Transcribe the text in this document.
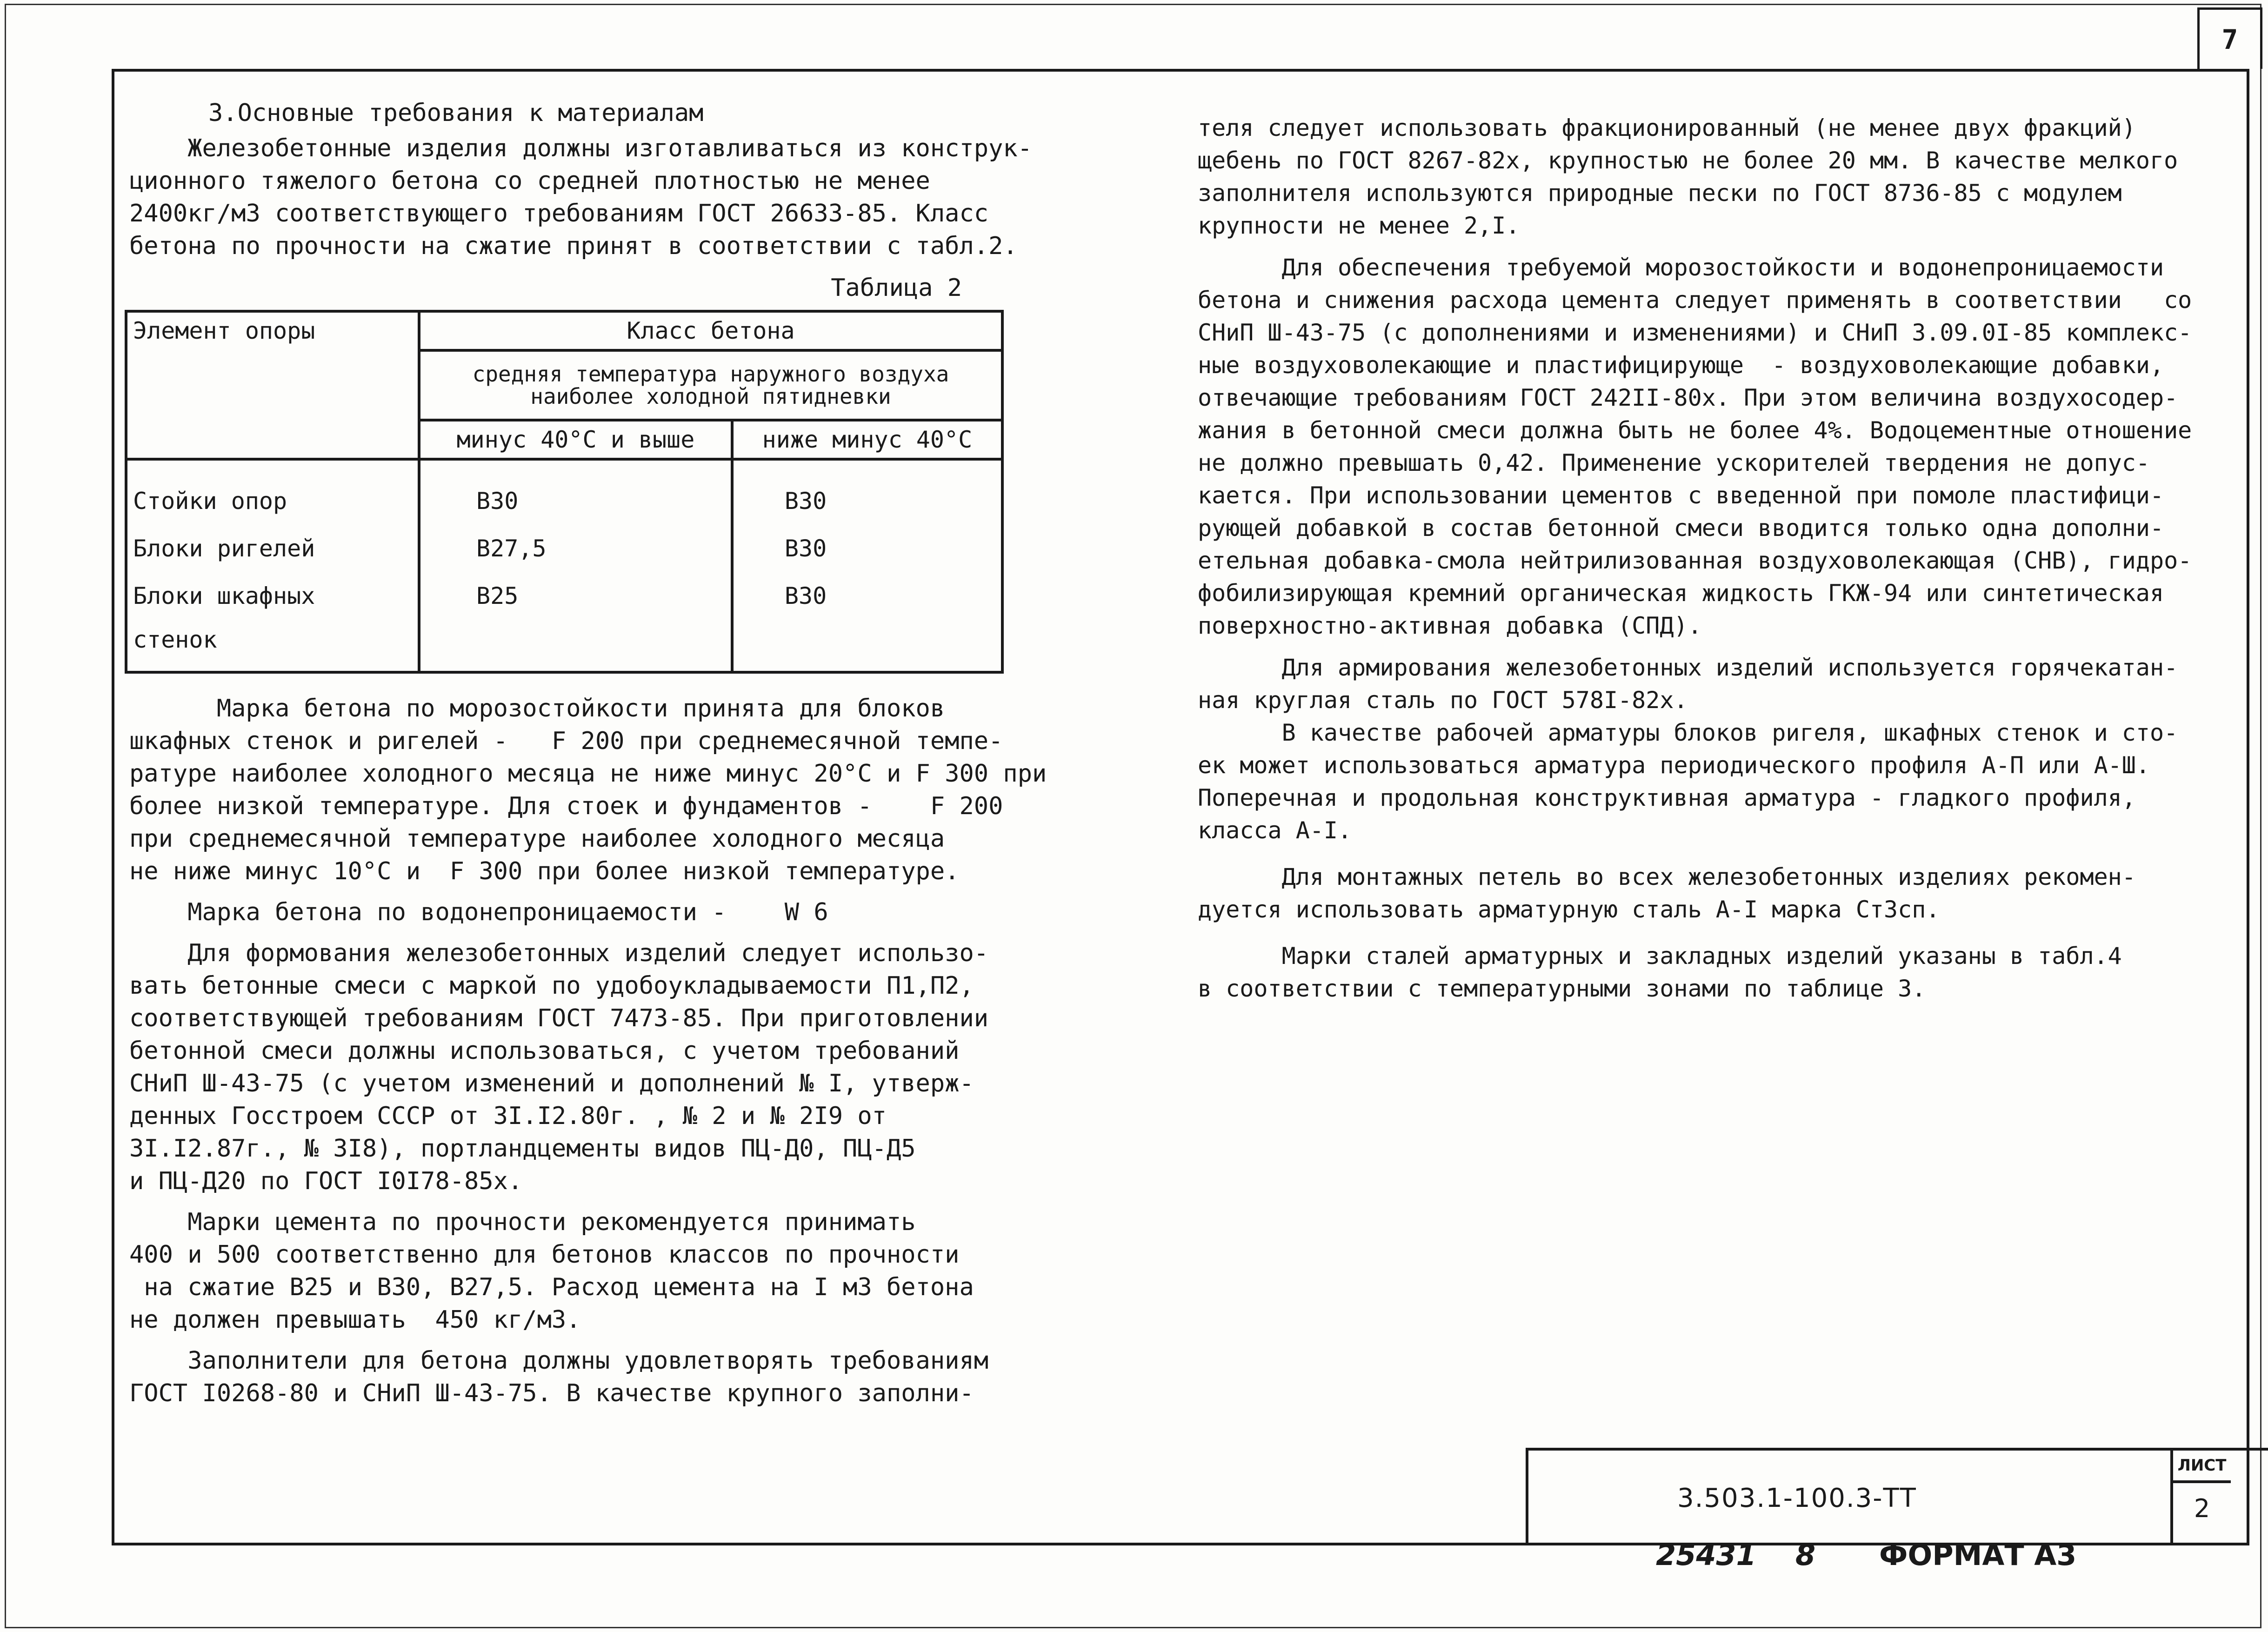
7

3.Основные требования к материалам

Железобетонные изделия должны изготавливаться из конструк-

ционного тяжелого бетона со средней плотностью не менее

2400кг/м3 соответствующего требованиям ГОСТ 26633-85. Класс

бетона по прочности на сжатие принят в соответствии с табл.2.

Таблица 2

Элемент опоры	Класс бетона	
	средняя температура наружного воздуха наиболее холодной пятидневки	
	минус 40°С и выше	ниже минус 40°С
Стойки опор	В30	В30
Блоки ригелей	В27,5	В30
Блоки шкафных стенок	В25	В30

Марка бетона по морозостойкости принята для блоков

шкафных стенок и ригелей -   F 200 при среднемесячной темпе-

ратуре наиболее холодного месяца не ниже минус 20°С и F 300 при

более низкой температуре. Для стоек и фундаментов -    F 200

при среднемесячной температуре наиболее холодного месяца

не ниже минус 10°С и  F 300 при более низкой температуре.

Марка бетона по водонепроницаемости -    W 6

Для формования железобетонных изделий следует использо-

вать бетонные смеси с маркой по удобоукладываемости П1,П2,

соответствующей требованиям ГОСТ 7473-85. При приготовлении

бетонной смеси должны использоваться, с учетом требований

СНиП Ш-43-75 (с учетом изменений и дополнений № I, утверж-

денных Госстроем СССР от 3I.I2.80г. , № 2 и № 2I9 от

3I.I2.87г., № 3I8), портландцементы видов ПЦ-Д0, ПЦ-Д5

и ПЦ-Д20 по ГОСТ I0I78-85х.

Марки цемента по прочности рекомендуется принимать

400 и 500 соответственно для бетонов классов по прочности

на сжатие В25 и В30, В27,5. Расход цемента на I м3 бетона

не должен превышать  450 кг/м3.

Заполнители для бетона должны удовлетворять требованиям

ГОСТ I0268-80 и СНиП Ш-43-75. В качестве крупного заполни-

теля следует использовать фракционированный (не менее двух фракций)

щебень по ГОСТ 8267-82х, крупностью не более 20 мм. В качестве мелкого

заполнителя используются природные пески по ГОСТ 8736-85 с модулем

крупности не менее 2,I.

Для обеспечения требуемой морозостойкости и водонепроницаемости

бетона и снижения расхода цемента следует применять в соответствии   со

СНиП Ш-43-75 (с дополнениями и изменениями) и СНиП 3.09.0I-85 комплекс-

ные воздуховолекающие и пластифицирующе  - воздуховолекающие добавки,

отвечающие требованиям ГОСТ 242II-80х. При этом величина воздухосодер-

жания в бетонной смеси должна быть не более 4%. Водоцементные отношение

не должно превышать 0,42. Применение ускорителей твердения не допус-

кается. При использовании цементов с введенной при помоле пластифици-

рующей добавкой в состав бетонной смеси вводится только одна дополни-

етельная добавка-смола нейтрилизованная воздуховолекающая (СНВ), гидро-

фобилизирующая кремний органическая жидкость ГКЖ-94 или синтетическая

поверхностно-активная добавка (СПД).

Для армирования железобетонных изделий используется горячекатан-

ная круглая сталь по ГОСТ 578I-82х.

В качестве рабочей арматуры блоков ригеля, шкафных стенок и сто-

ек может использоваться арматура периодического профиля А-П или А-Ш.

Поперечная и продольная конструктивная арматура - гладкого профиля,

класса А-I.

Для монтажных петель во всех железобетонных изделиях рекомен-

дуется использовать арматурную сталь А-I марка Ст3сп.

Марки сталей арматурных и закладных изделий указаны в табл.4

в соответствии с температурными зонами по таблице 3.

3.503.1-100.3-ТТ
ЛИСТ
2
25431 8 ФОРМАТ А3
